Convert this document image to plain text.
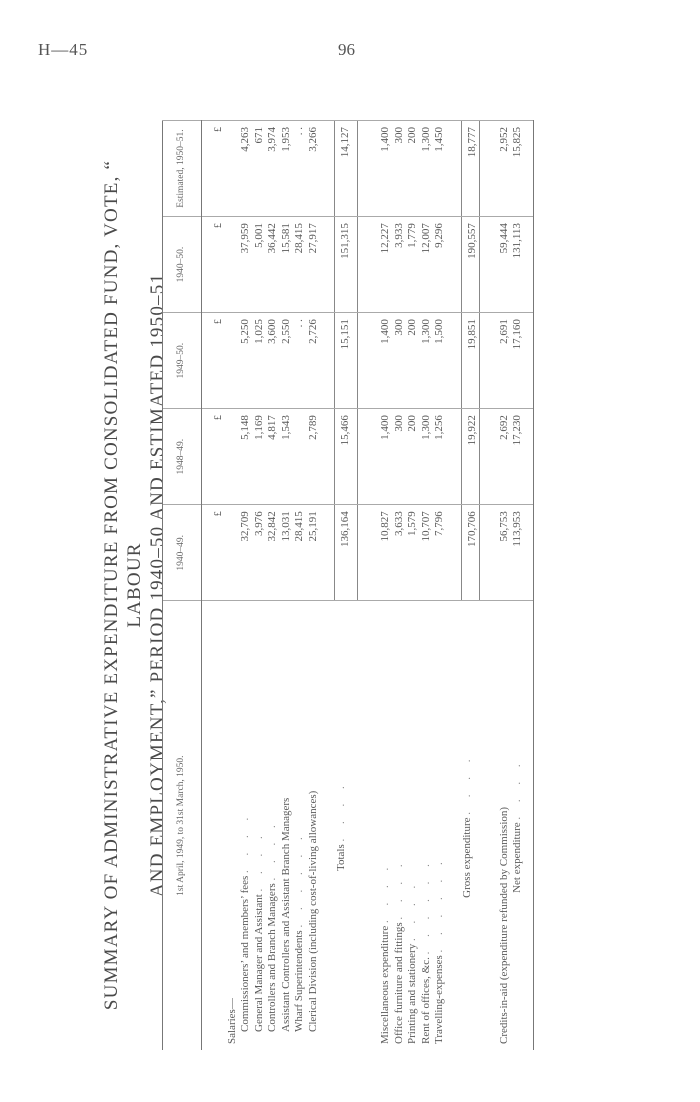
H—45	96
SUMMARY OF ADMINISTRATIVE EXPENDITURE FROM CONSOLIDATED FUND, VOTE, “ LABOUR AND EMPLOYMENT,” PERIOD 1940–50 AND ESTIMATED 1950–51 1st April, 1949, to 31st March, 1950.	1940–49.	1948–49.	1949–50.	1940–50.	Estimated, 1950–51.

	£	£	£	£	£
Salaries—					
Commissioners’ and members’ fees . . . .	32,709	5,148	5,250	37,959	4,263
General Manager and Assistant . . . .	3,976	1,169	1,025	5,001	671
Controllers and Branch Managers . . . .	32,842	4,817	3,600	36,442	3,974
Assistant Controllers and Assistant Branch Managers	13,031	1,543	2,550	15,581	1,953
Wharf Superintendents . . . . . .	28,415		. .	28,415	. .
Clerical Division (including cost-of-living allowances)	25,191	2,789	2,726	27,917	3,266

Totals . . . .	136,164	15,466	15,151	151,315	14,127

Miscellaneous expenditure . . . .	10,827	1,400	1,400	12,227	1,400
Office furniture and fittings . . . .	3,633	300	300	3,933	300
Printing and stationery . . . .	1,579	200	200	1,779	200
Rent of offices, &c. . . . . . .	10,707	1,300	1,300	12,007	1,300
Travelling-expenses . . . . . .	7,796	1,256	1,500	9,296	1,450

Gross expenditure . . . .	170,706	19,922	19,851	190,557	18,777

Credits-in-aid (expenditure refunded by Commission)	56,753	2,692	2,691	59,444	2,952
Net expenditure . . . .	113,953	17,230	17,160	131,113	15,825
